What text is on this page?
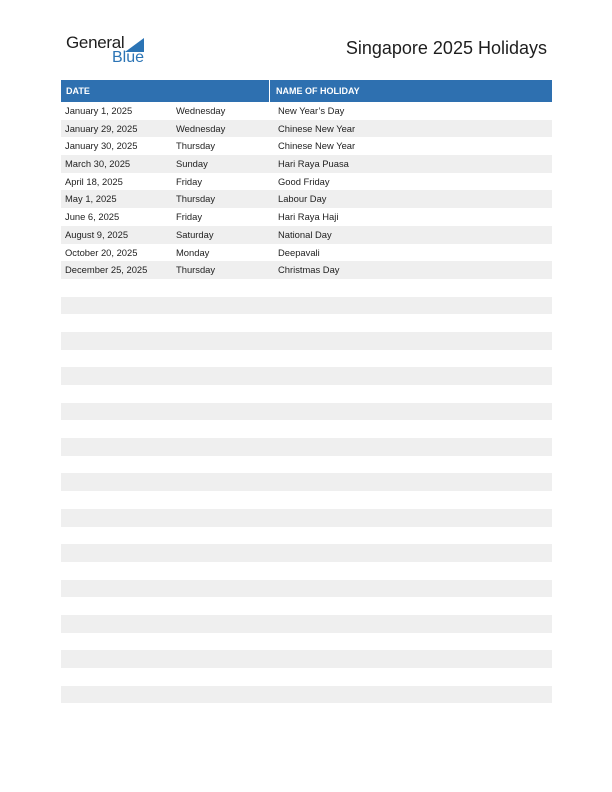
General
Blue	Singapore 2025 Holidays
DATE	NAME OF HOLIDAY
January 1, 2025	Wednesday	New Year’s Day
January 29, 2025	Wednesday	Chinese New Year
January 30, 2025	Thursday	Chinese New Year
March 30, 2025	Sunday	Hari Raya Puasa
April 18, 2025	Friday	Good Friday
May 1, 2025	Thursday	Labour Day
June 6, 2025	Friday	Hari Raya Haji
August 9, 2025	Saturday	National Day
October 20, 2025	Monday	Deepavali
December 25, 2025	Thursday	Christmas Day
